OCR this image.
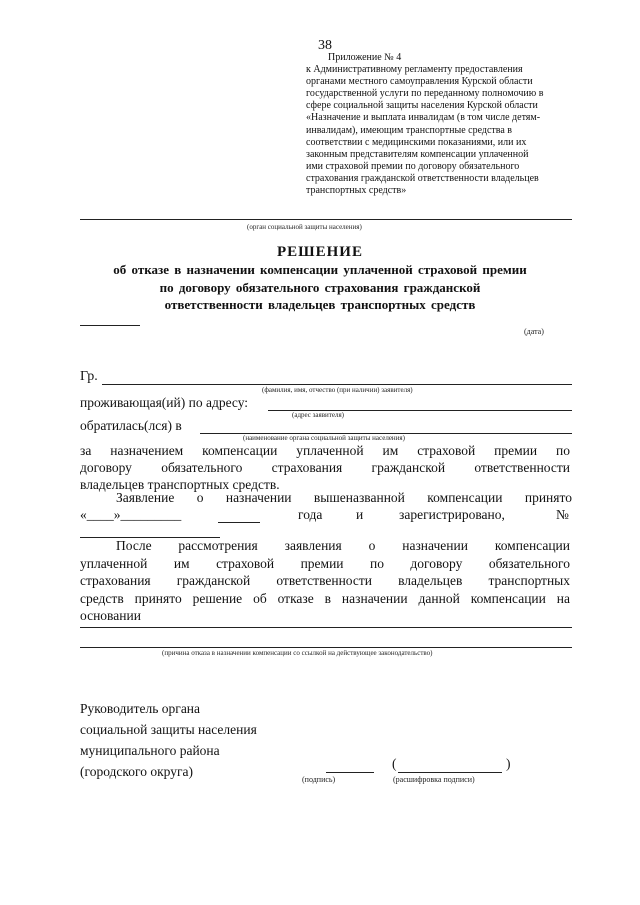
38
Приложение № 4
к Административному регламенту предоставления
органами местного самоуправления Курской области
государственной услуги по переданному полномочию в
сфере социальной защиты населения Курской области
«Назначение и выплата инвалидам (в том числе детям-
инвалидам), имеющим транспортные средства в
соответствии с медицинскими показаниями, или их
законным представителям компенсации уплаченной
ими страховой премии по договору обязательного
страхования гражданской ответственности владельцев
транспортных средств»
(орган социальной защиты населения)
РЕШЕНИЕ
об отказе в назначении компенсации уплаченной страховой премии
по договору обязательного страхования гражданской
ответственности владельцев транспортных средств
(дата)
Гр.
(фамилия, имя, отчество (при наличии) заявителя)
проживающая(ий) по адресу:
(адрес заявителя)
обратилась(лся) в
(наименование органа социальной защиты населения)
за назначением компенсации уплаченной им страховой премии по
договору обязательного страхования гражданской ответственности
владельцев транспортных средств.
Заявление о назначении вышеназванной компенсации принято
«____»_________	года и	зарегистрировано,	№
После рассмотрения заявления о назначении компенсации
уплаченной им страховой премии по договору обязательного
страхования гражданской ответственности владельцев транспортных
средств принято решение об отказе в назначении данной компенсации на
основании
(причина отказа в назначении компенсации со ссылкой на действующее законодательство)
Руководитель органа
социальной защиты населения
муниципального района
(городского округа)
(подпись)
(	)
(расшифровка подписи)
